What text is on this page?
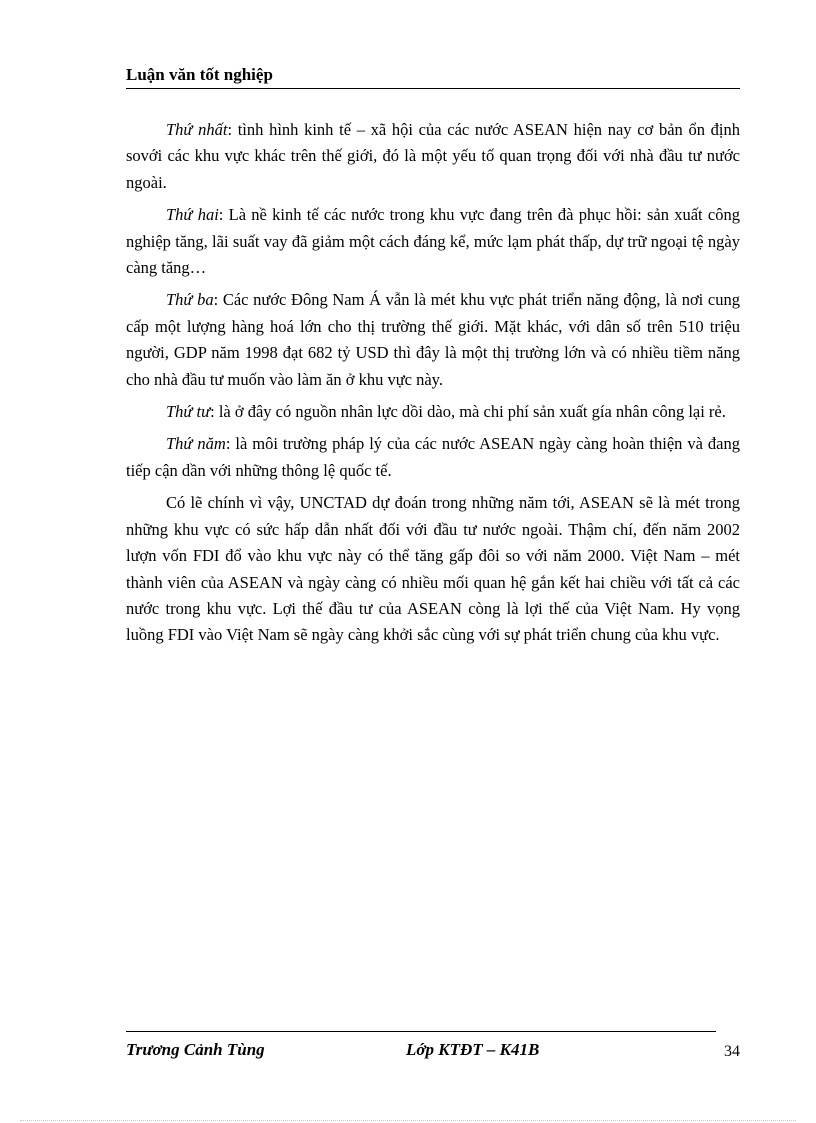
Luận văn tốt nghiệp

Thứ nhất: tình hình kinh tế – xã hội của các nước ASEAN hiện nay cơ bản ổn định sovới các khu vực khác trên thế giới, đó là một yếu tố quan trọng đối với nhà đầu tư nước ngoài.

Thứ hai: Là nề kinh tế các nước trong khu vực đang trên đà phục hồi: sản xuất công nghiệp tăng, lãi suất vay đã giảm một cách đáng kể, mức lạm phát thấp, dự trữ ngoại tệ ngày càng tăng…

Thứ ba: Các nước Đông Nam Á vẫn là mét khu vực phát triển năng động, là nơi cung cấp một lượng hàng hoá lớn cho thị trường thế giới. Mặt khác, với dân số trên 510 triệu người, GDP năm 1998 đạt 682 tỷ USD thì đây là một thị trường lớn và có nhiều tiềm năng cho nhà đầu tư muốn vào làm ăn ở khu vực này.

Thứ tư: là ở đây có nguồn nhân lực dồi dào, mà chi phí sản xuất gía nhân công lại rẻ.

Thứ năm: là môi trường pháp lý của các nước ASEAN ngày càng hoàn thiện và đang tiếp cận dần với những thông lệ quốc tế.

Có lẽ chính vì vậy, UNCTAD dự đoán trong những năm tới, ASEAN sẽ là mét trong những khu vực có sức hấp dẫn nhất đối với đầu tư nước ngoài. Thậm chí, đến năm 2002 lượn vốn FDI đổ vào khu vực này có thể tăng gấp đôi so với năm 2000. Việt Nam – mét thành viên của ASEAN và ngày càng có nhiều mối quan hệ gắn kết hai chiều với tất cả các nước trong khu vực. Lợi thế đầu tư của ASEAN còng là lợi thế của Việt Nam. Hy vọng luồng FDI vào Việt Nam sẽ ngày càng khởi sắc cùng với sự phát triển chung của khu vực.

Trương Cảnh Tùng	Lớp KTĐT – K41B	34
